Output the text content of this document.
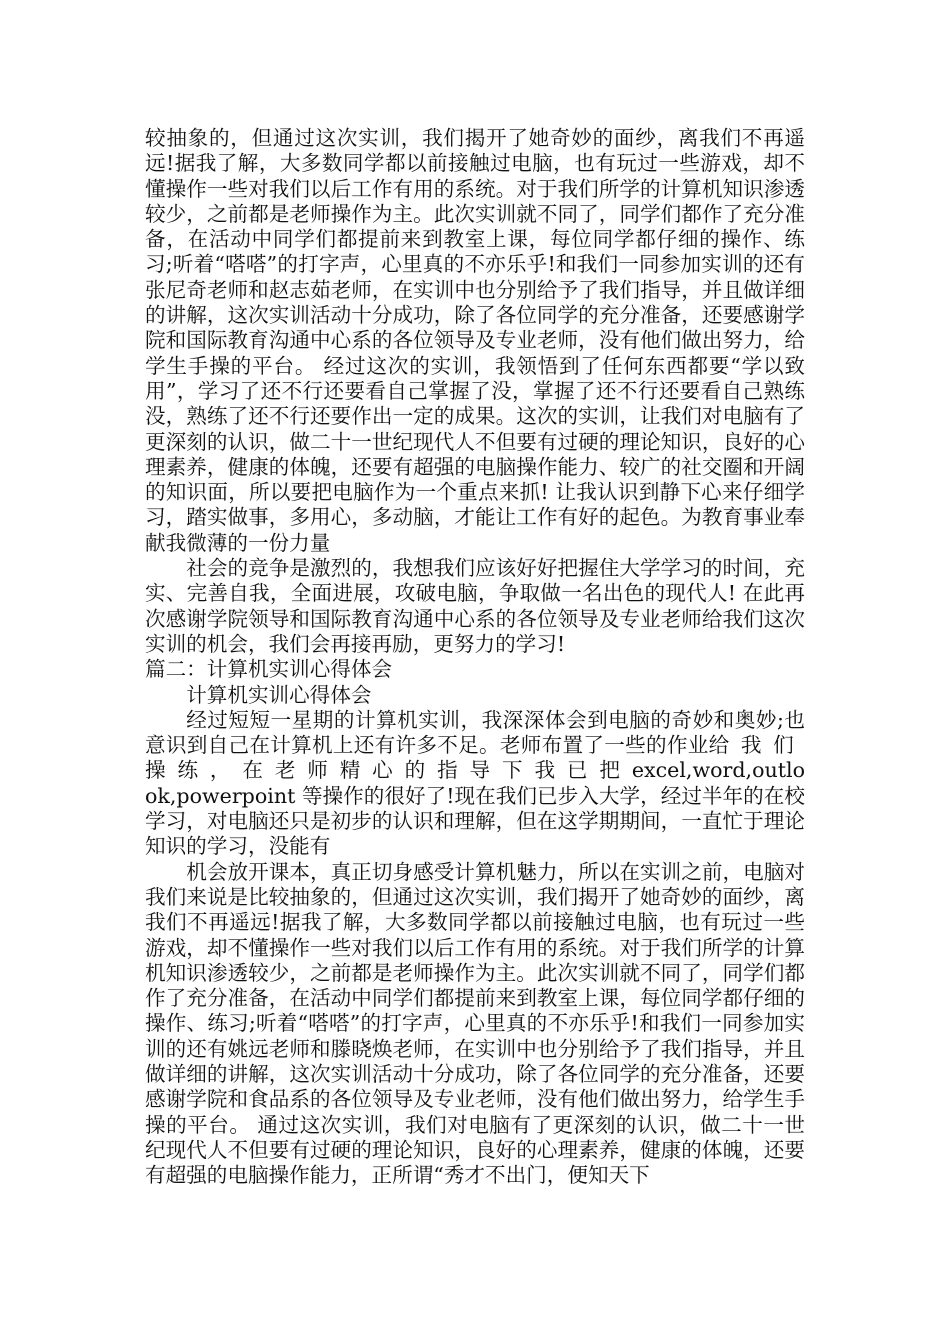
较抽象的，但通过这次实训，我们揭开了她奇妙的面纱，离我们不再遥远!据我了解，大多数同学都以前接触过电脑，也有玩过一些游戏，却不懂操作一些对我们以后工作有用的系统。对于我们所学的计算机知识渗透较少，之前都是老师操作为主。此次实训就不同了，同学们都作了充分准备，在活动中同学们都提前来到教室上课，每位同学都仔细的操作、练习;听着“嗒嗒”的打字声，心里真的不亦乐乎!和我们一同参加实训的还有张尼奇老师和赵志茹老师，在实训中也分别给予了我们指导，并且做详细的讲解，这次实训活动十分成功，除了各位同学的充分准备，还要感谢学院和国际教育沟通中心系的各位领导及专业老师，没有他们做出努力，给学生手操的平台。 经过这次的实训，我领悟到了任何东西都要“学以致用”，学习了还不行还要看自己掌握了没，掌握了还不行还要看自己熟练没，熟练了还不行还要作出一定的成果。这次的实训，让我们对电脑有了更深刻的认识，做二十一世纪现代人不但要有过硬的理论知识，良好的心理素养，健康的体魄，还要有超强的电脑操作能力、较广的社交圈和开阔的知识面，所以要把电脑作为一个重点来抓! 让我认识到静下心来仔细学习，踏实做事，多用心，多动脑，才能让工作有好的起色。为教育事业奉献我微薄的一份力量

社会的竞争是激烈的，我想我们应该好好把握住大学学习的时间，充实、完善自我，全面进展，攻破电脑，争取做一名出色的现代人! 在此再次感谢学院领导和国际教育沟通中心系的各位领导及专业老师给我们这次实训的机会，我们会再接再励，更努力的学习!

篇二：计算机实训心得体会

计算机实训心得体会

经过短短一星期的计算机实训，我深深体会到电脑的奇妙和奥妙;也意识到自己在计算机上还有许多不足。老师布置了一些的作业给我们操练，在老师精心的指导下我已把excel,word,outlook,powerpoint 等操作的很好了!现在我们已步入大学，经过半年的在校学习，对电脑还只是初步的认识和理解，但在这学期期间，一直忙于理论知识的学习，没能有

机会放开课本，真正切身感受计算机魅力，所以在实训之前，电脑对我们来说是比较抽象的，但通过这次实训，我们揭开了她奇妙的面纱，离我们不再遥远!据我了解，大多数同学都以前接触过电脑，也有玩过一些游戏，却不懂操作一些对我们以后工作有用的系统。对于我们所学的计算机知识渗透较少，之前都是老师操作为主。此次实训就不同了，同学们都作了充分准备，在活动中同学们都提前来到教室上课，每位同学都仔细的操作、练习;听着“嗒嗒”的打字声，心里真的不亦乐乎!和我们一同参加实训的还有姚远老师和滕晓焕老师，在实训中也分别给予了我们指导，并且做详细的讲解，这次实训活动十分成功，除了各位同学的充分准备，还要感谢学院和食品系的各位领导及专业老师，没有他们做出努力，给学生手操的平台。 通过这次实训，我们对电脑有了更深刻的认识，做二十一世纪现代人不但要有过硬的理论知识，良好的心理素养，健康的体魄，还要有超强的电脑操作能力，正所谓“秀才不出门，便知天下
